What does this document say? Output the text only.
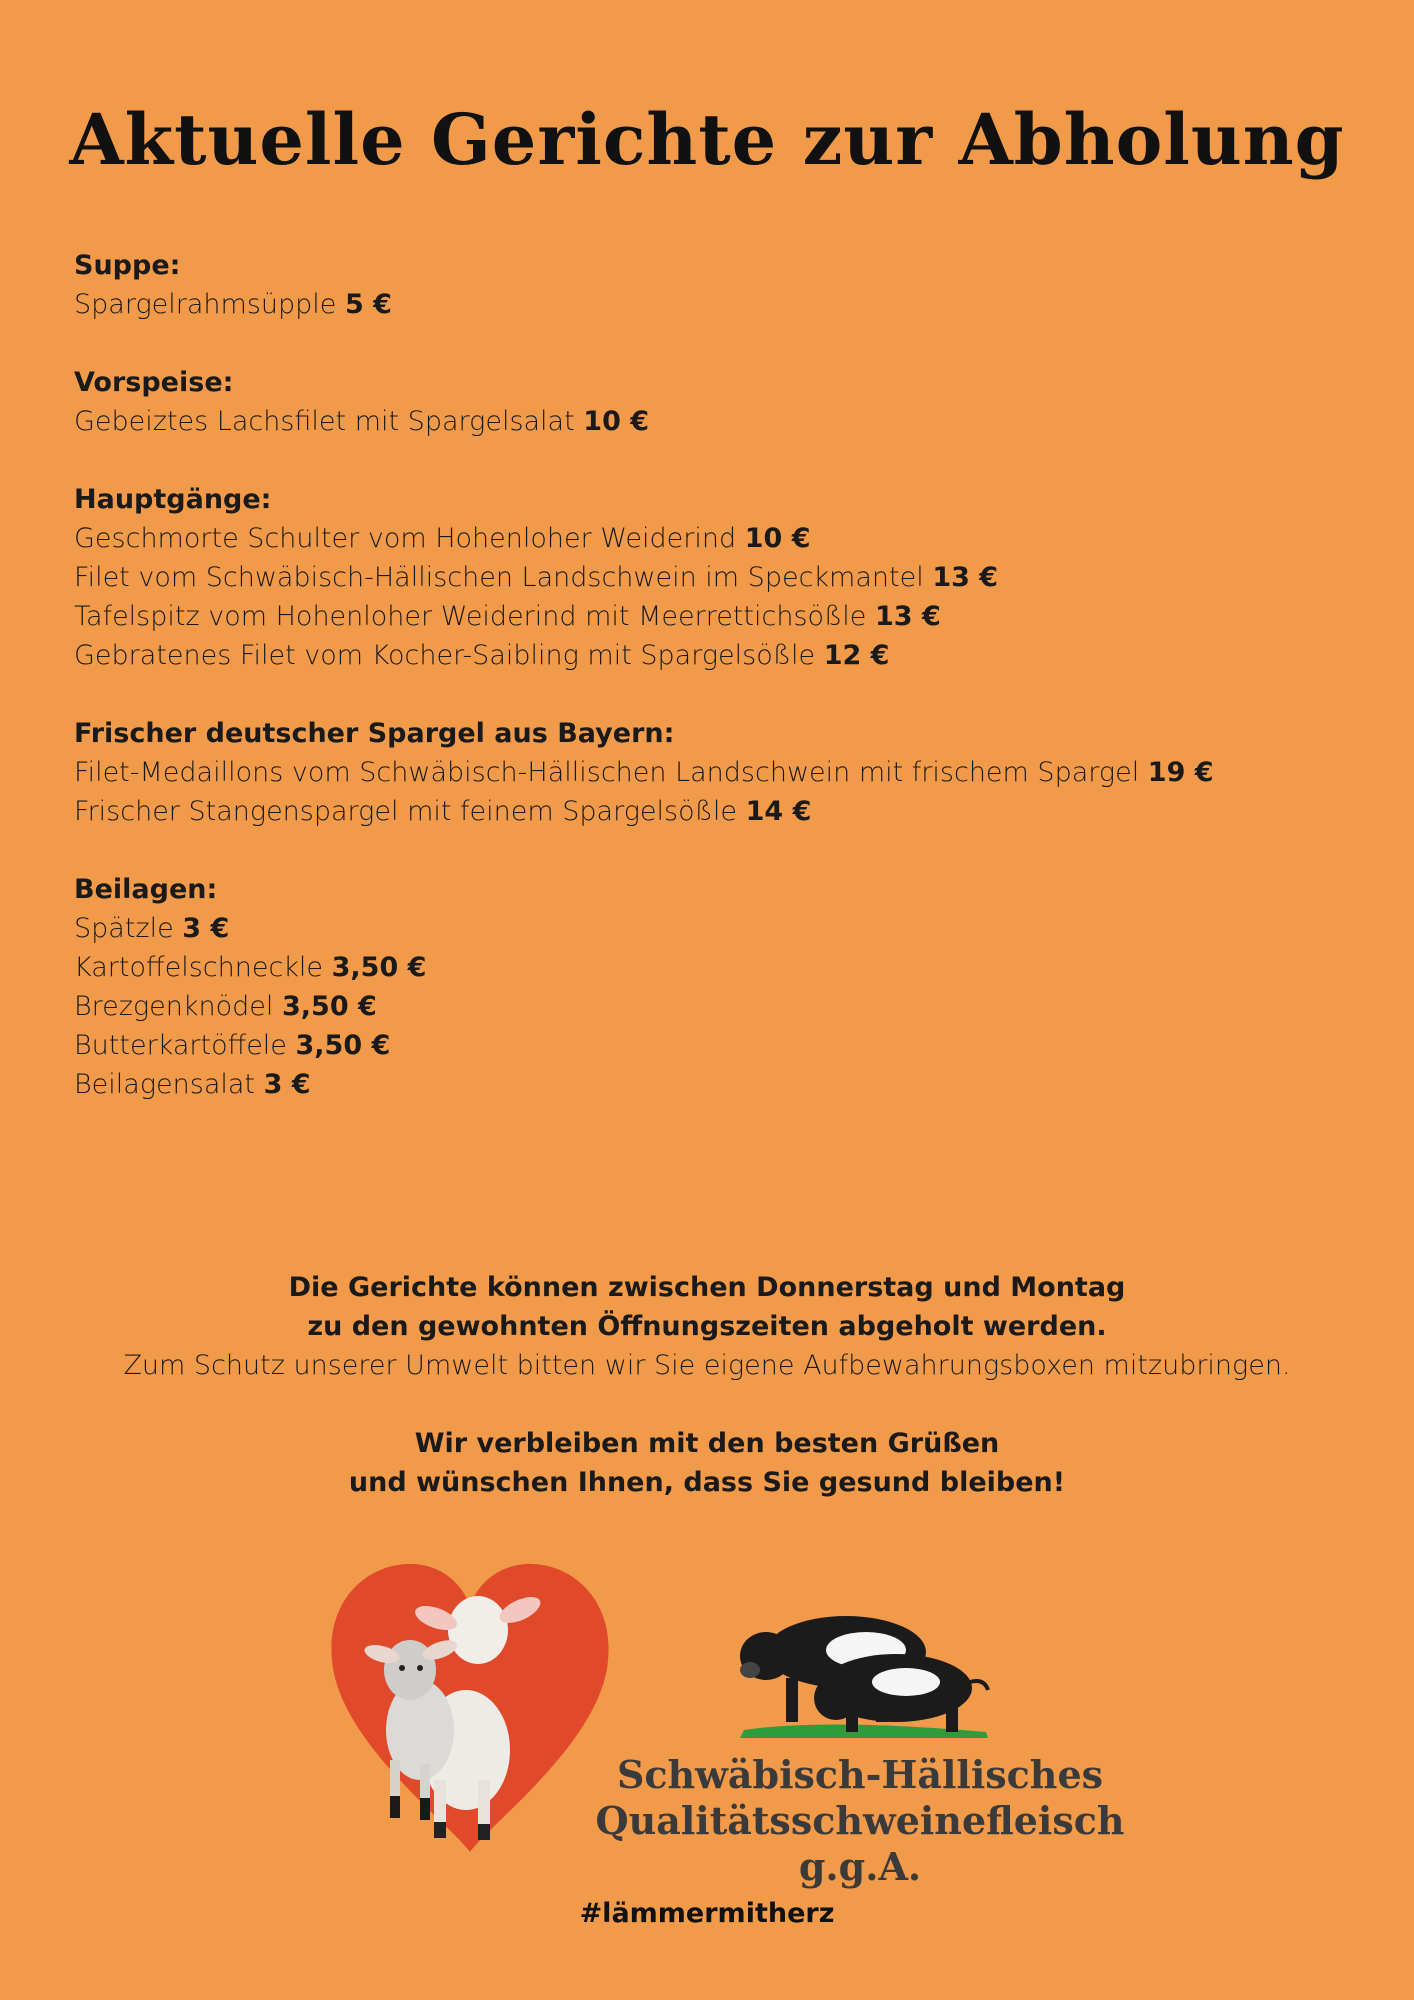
Aktuelle Gerichte zur Abholung
Suppe:
Spargelrahmsüpple 5 €
Vorspeise:
Gebeiztes Lachsfilet mit Spargelsalat 10 €
Hauptgänge:
Geschmorte Schulter vom Hohenloher Weiderind 10 €
Filet vom Schwäbisch-Hällischen Landschwein im Speckmantel 13 €
Tafelspitz vom Hohenloher Weiderind mit Meerrettichsößle 13 €
Gebratenes Filet vom Kocher-Saibling mit Spargelsößle 12 €
Frischer deutscher Spargel aus Bayern:
Filet-Medaillons vom Schwäbisch-Hällischen Landschwein mit frischem Spargel 19 €
Frischer Stangenspargel mit feinem Spargelsößle 14 €
Beilagen:
Spätzle 3 €
Kartoffelschneckle 3,50 €
Brezgenknödel 3,50 €
Butterkartöffele 3,50 €
Beilagensalat 3 €
Die Gerichte können zwischen Donnerstag und Montag
zu den gewohnten Öffnungszeiten abgeholt werden.
Zum Schutz unserer Umwelt bitten wir Sie eigene Aufbewahrungsboxen mitzubringen.
Wir verbleiben mit den besten Grüßen
und wünschen Ihnen, dass Sie gesund bleiben!
Schwäbisch-Hällisches
Qualitätsschweinefleisch g.g.A.
#lämmermitherz
